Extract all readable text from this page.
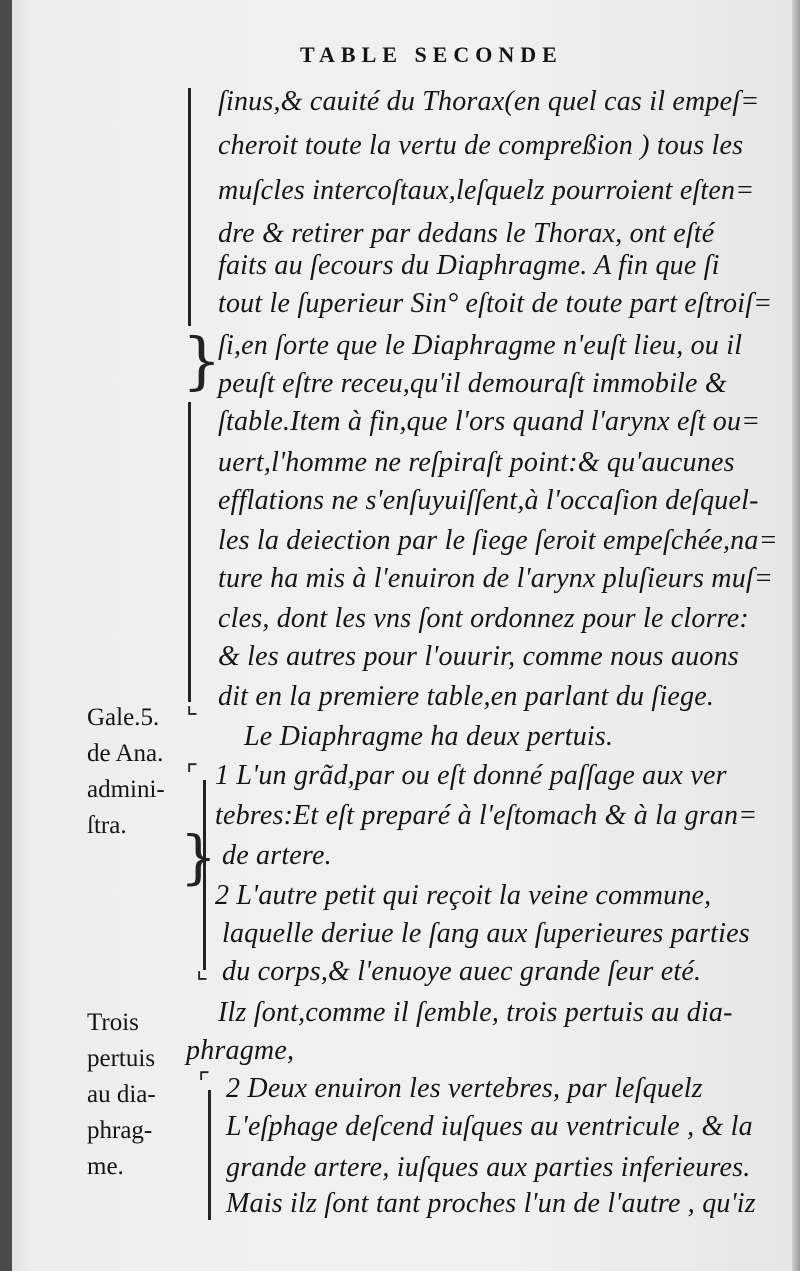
TABLE SECONDE
}
⌞
⌜
}
⌞
⌜
ſinus,& cauité du Thorax(en quel cas il empeſ=
cheroit toute la vertu de compreßion ) tous les
muſcles intercoſtaux,leſquelz pourroient eſten=
dre & retirer par dedans le Thorax, ont eſté
faits au ſecours du Diaphragme. A fin que ſi
tout le ſuperieur Sin° eſtoit de toute part eſtroiſ=
ſi,en ſorte que le Diaphragme n'euſt lieu, ou il
peuſt eſtre receu,qu'il demouraſt immobile &
ſtable.Item à fin,que l'ors quand l'arynx eſt ou=
uert,l'homme ne reſpiraſt point:& qu'aucunes
efflations ne s'enſuyuiſſent,à l'occaſion deſquel-
les la deiection par le ſiege ſeroit empeſchée,na=
ture ha mis à l'enuiron de l'arynx pluſieurs muſ=
cles, dont les vns ſont ordonnez pour le clorre:
& les autres pour l'ouurir, comme nous auons
dit en la premiere table,en parlant du ſiege.
Le Diaphragme ha deux pertuis.
1 L'un grãd,par ou eſt donné paſſage aux ver
tebres:Et eſt preparé à l'eſtomach & à la gran=
de artere.
2 L'autre petit qui reçoit la veine commune,
laquelle deriue le ſang aux ſuperieures parties
du corps,& l'enuoye auec grande ſeur eté.
Ilz ſont,comme il ſemble, trois pertuis au dia-
phragme,
2 Deux enuiron les vertebres, par leſquelz
L'eſphage deſcend iuſques au ventricule , & la
grande artere, iuſques aux parties inferieures.
Mais ilz ſont tant proches l'un de l'autre , qu'iz
Gale.5.
de Ana.
admini-
ſtra.
Trois
pertuis
au dia-
phrag-
me.
